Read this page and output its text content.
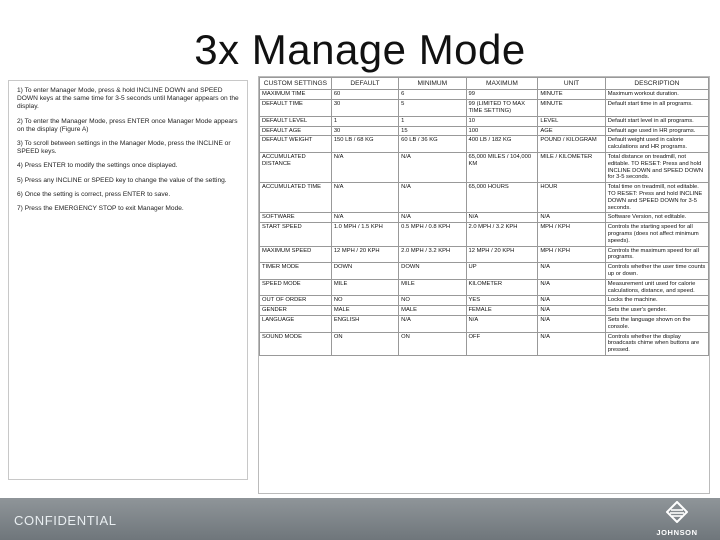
3x Manage Mode
1) To enter Manager Mode, press & hold INCLINE DOWN and SPEED DOWN keys at the same time for 3-5 seconds until Manager appears on the display.
2) To enter the Manager Mode, press ENTER once Manager Mode appears on the display (Figure A)
3) To scroll between settings in the Manager Mode, press the INCLINE or SPEED keys.
4) Press ENTER to modify the settings once displayed.
5) Press any INCLINE or SPEED key to change the value of the setting.
6) Once the setting is correct, press ENTER to save.
7) Press the EMERGENCY STOP to exit Manager Mode.
CUSTOM SETTINGS	DEFAULT	MINIMUM	MAXIMUM	UNIT	DESCRIPTION
MAXIMUM TIME	60	6	99	MINUTE	Maximum workout duration.
DEFAULT TIME	30	5	99 (LIMITED TO MAX TIME SETTING)	MINUTE	Default start time in all programs.
DEFAULT LEVEL	1	1	10	LEVEL	Default start level in all programs.
DEFAULT AGE	30	15	100	AGE	Default age used in HR programs.
DEFAULT WEIGHT	150 LB / 68 KG	60 LB / 36 KG	400 LB / 182 KG	POUND / KILOGRAM	Default weight used in calorie calculations and HR programs.
ACCUMULATED DISTANCE	N/A	N/A	65,000 MILES / 104,000 KM	MILE / KILOMETER	Total distance on treadmill, not editable. TO RESET: Press and hold INCLINE DOWN and SPEED DOWN for 3-5 seconds.
ACCUMULATED TIME	N/A	N/A	65,000 HOURS	HOUR	Total time on treadmill, not editable. TO RESET: Press and hold INCLINE DOWN and SPEED DOWN for 3-5 seconds.
SOFTWARE	N/A	N/A	N/A	N/A	Software Version, not editable.
START SPEED	1.0 MPH / 1.5 KPH	0.5 MPH / 0.8 KPH	2.0 MPH / 3.2 KPH	MPH / KPH	Controls the starting speed for all programs (does not affect minimum speeds).
MAXIMUM SPEED	12 MPH / 20 KPH	2.0 MPH / 3.2 KPH	12 MPH / 20 KPH	MPH / KPH	Controls the maximum speed for all programs.
TIMER MODE	DOWN	DOWN	UP	N/A	Controls whether the user time counts up or down.
SPEED MODE	MILE	MILE	KILOMETER	N/A	Measurement unit used for calorie calculations, distance, and speed.
OUT OF ORDER	NO	NO	YES	N/A	Locks the machine.
GENDER	MALE	MALE	FEMALE	N/A	Sets the user's gender.
LANGUAGE	ENGLISH	N/A	N/A	N/A	Sets the language shown on the console.
SOUND MODE	ON	ON	OFF	N/A	Controls whether the display broadcasts chime when buttons are pressed.
CONFIDENTIAL
JOHNSON
